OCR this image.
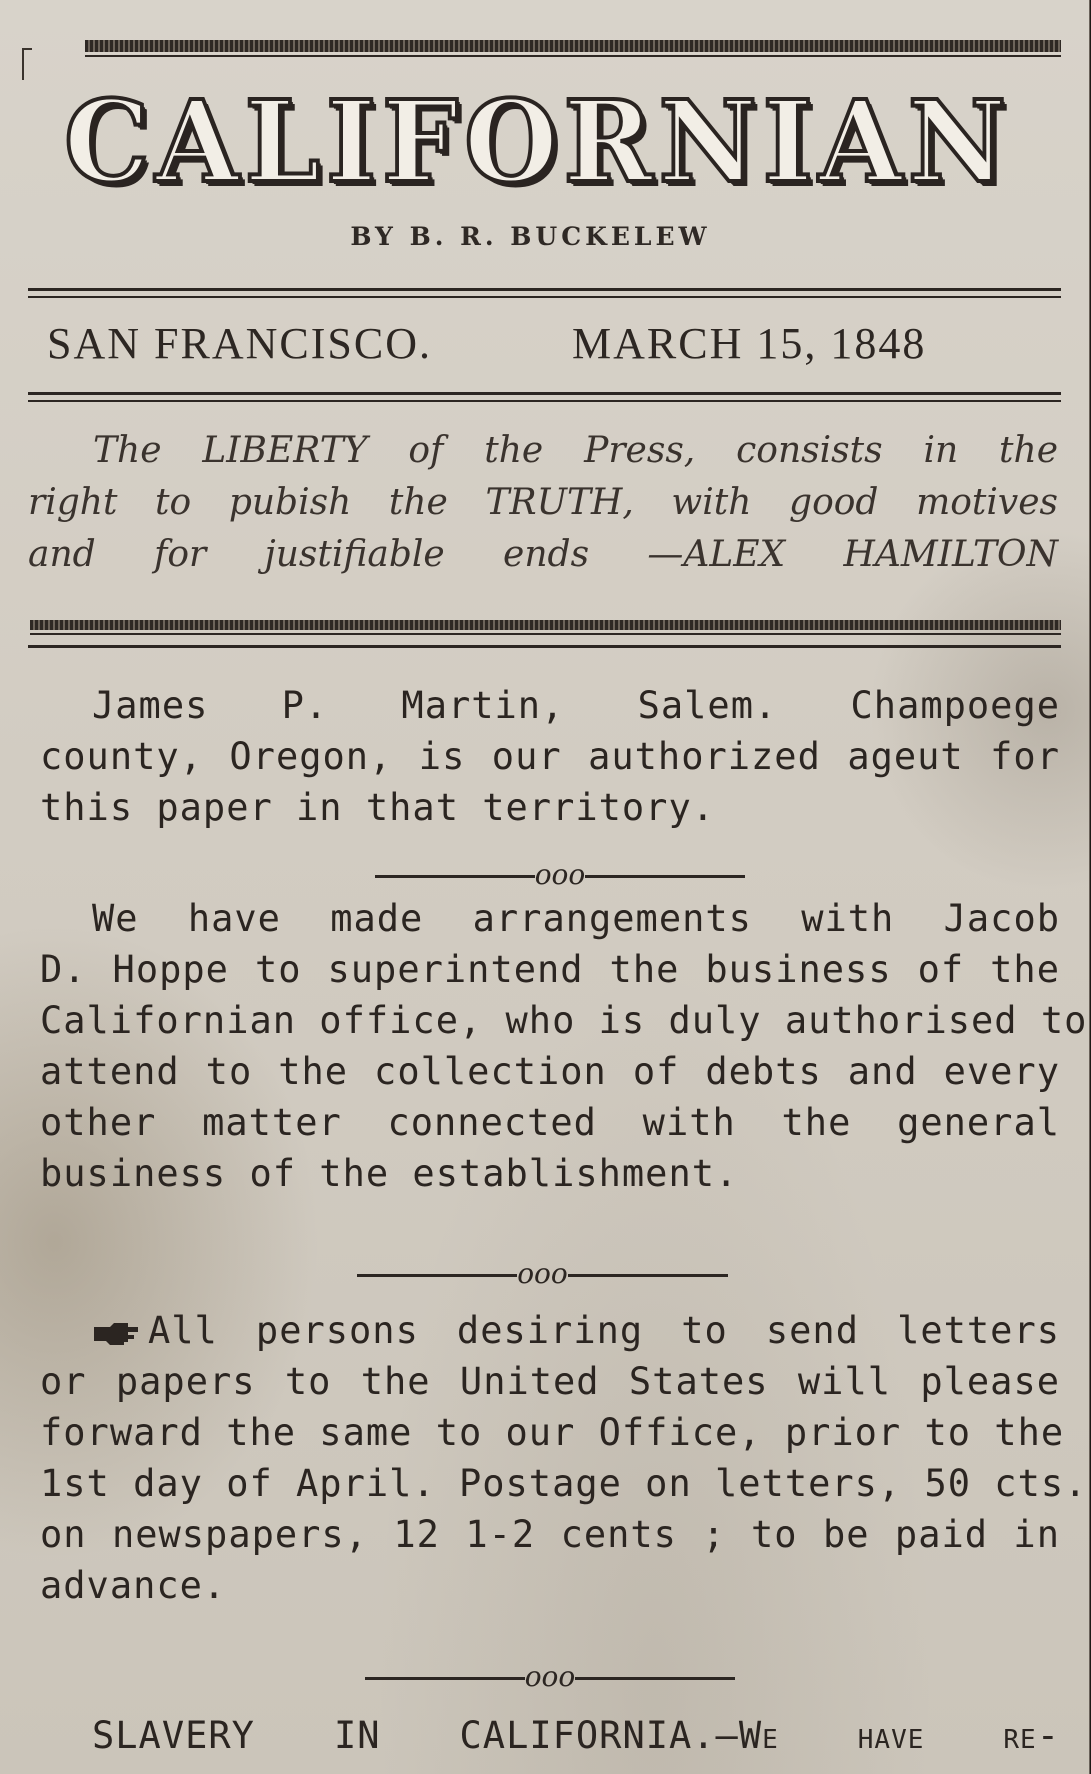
CALIFORNIAN
BY B. R. BUCKELEW
SAN FRANCISCO.	MARCH 15, 1848
The LIBERTY of the Press, consists in the
right to pubish the TRUTH, with good motives
and for justifiable ends —ALEX HAMILTON
James P. Martin, Salem. Champoege
county, Oregon, is our authorized ageut for
this paper in that territory.
ooo
We have made arrangements with Jacob
D. Hoppe to superintend the business of the
Californian office, who is duly authorised to
attend to the collection of debts and every
other matter connected with the general
business of the establishment.
ooo
All persons desiring to send letters
or papers to the United States will please
forward the same to our Office, prior to the
1st day of April. Postage on letters, 50 cts.
on newspapers, 12 1-2 cents ; to be paid in
advance.
ooo
SLAVERY IN CALIFORNIA.—We have re-
